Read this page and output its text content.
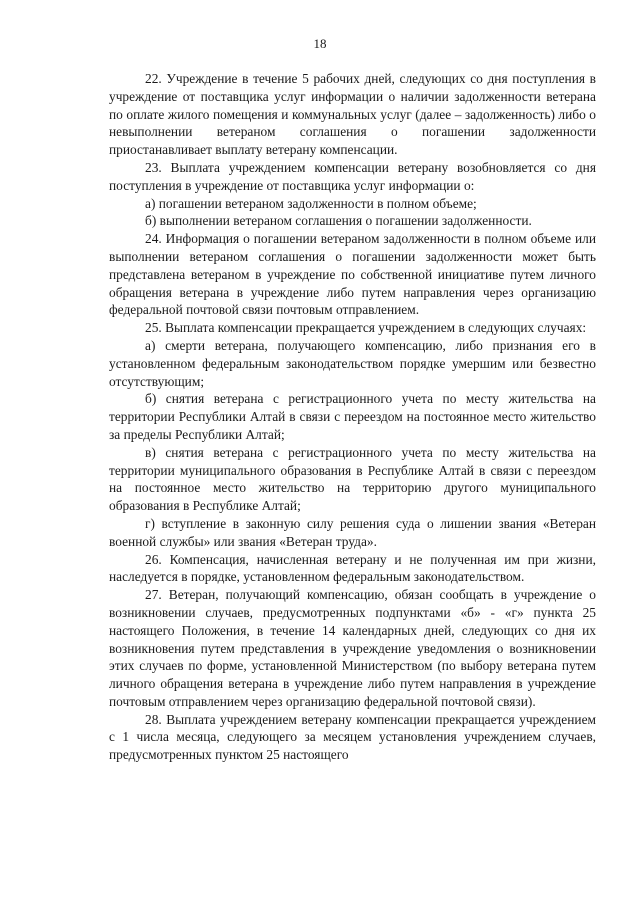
18

22. Учреждение в течение 5 рабочих дней, следующих со дня поступления в учреждение от поставщика услуг информации о наличии задолженности ветерана по оплате жилого помещения и коммунальных услуг (далее – задолженность) либо о невыполнении ветераном соглашения о погашении задолженности приостанавливает выплату ветерану компенсации.

23. Выплата учреждением компенсации ветерану возобновляется со дня поступления в учреждение от поставщика услуг информации о:

а) погашении ветераном задолженности в полном объеме;

б) выполнении ветераном соглашения о погашении задолженности.

24. Информация о погашении ветераном задолженности в полном объеме или выполнении ветераном соглашения о погашении задолженности может быть представлена ветераном в учреждение по собственной инициативе путем личного обращения ветерана в учреждение либо путем направления через организацию федеральной почтовой связи почтовым отправлением.

25. Выплата компенсации прекращается учреждением в следующих случаях:

а) смерти ветерана, получающего компенсацию, либо признания его в установленном федеральным законодательством порядке умершим или безвестно отсутствующим;

б) снятия ветерана с регистрационного учета по месту жительства на территории Республики Алтай в связи с переездом на постоянное место жительство за пределы Республики Алтай;

в) снятия ветерана с регистрационного учета по месту жительства на территории муниципального образования в Республике Алтай в связи с переездом на постоянное место жительство на территорию другого муниципального образования в Республике Алтай;

г) вступление в законную силу решения суда о лишении звания «Ветеран военной службы» или звания «Ветеран труда».

26. Компенсация, начисленная ветерану и не полученная им при жизни, наследуется в порядке, установленном федеральным законодательством.

27. Ветеран, получающий компенсацию, обязан сообщать в учреждение о возникновении случаев, предусмотренных подпунктами «б» - «г» пункта 25 настоящего Положения, в течение 14 календарных дней, следующих со дня их возникновения путем представления в учреждение уведомления о возникновении этих случаев по форме, установленной Министерством (по выбору ветерана путем личного обращения ветерана в учреждение либо путем направления в учреждение почтовым отправлением через организацию федеральной почтовой связи).

28. Выплата учреждением ветерану компенсации прекращается учреждением с 1 числа месяца, следующего за месяцем установления учреждением случаев, предусмотренных пунктом 25 настоящего
